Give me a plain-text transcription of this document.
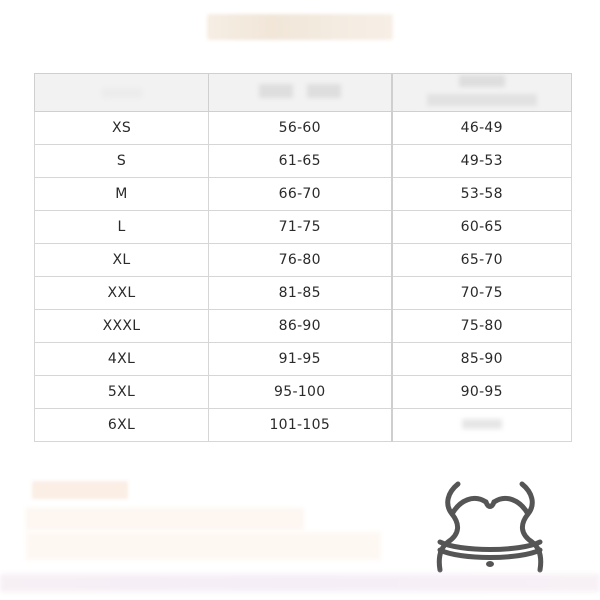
XS	56-60	46-49
S	61-65	49-53
M	66-70	53-58
L	71-75	60-65
XL	76-80	65-70
XXL	81-85	70-75
XXXL	86-90	75-80
4XL	91-95	85-90
5XL	95-100	90-95
6XL	101-105	
